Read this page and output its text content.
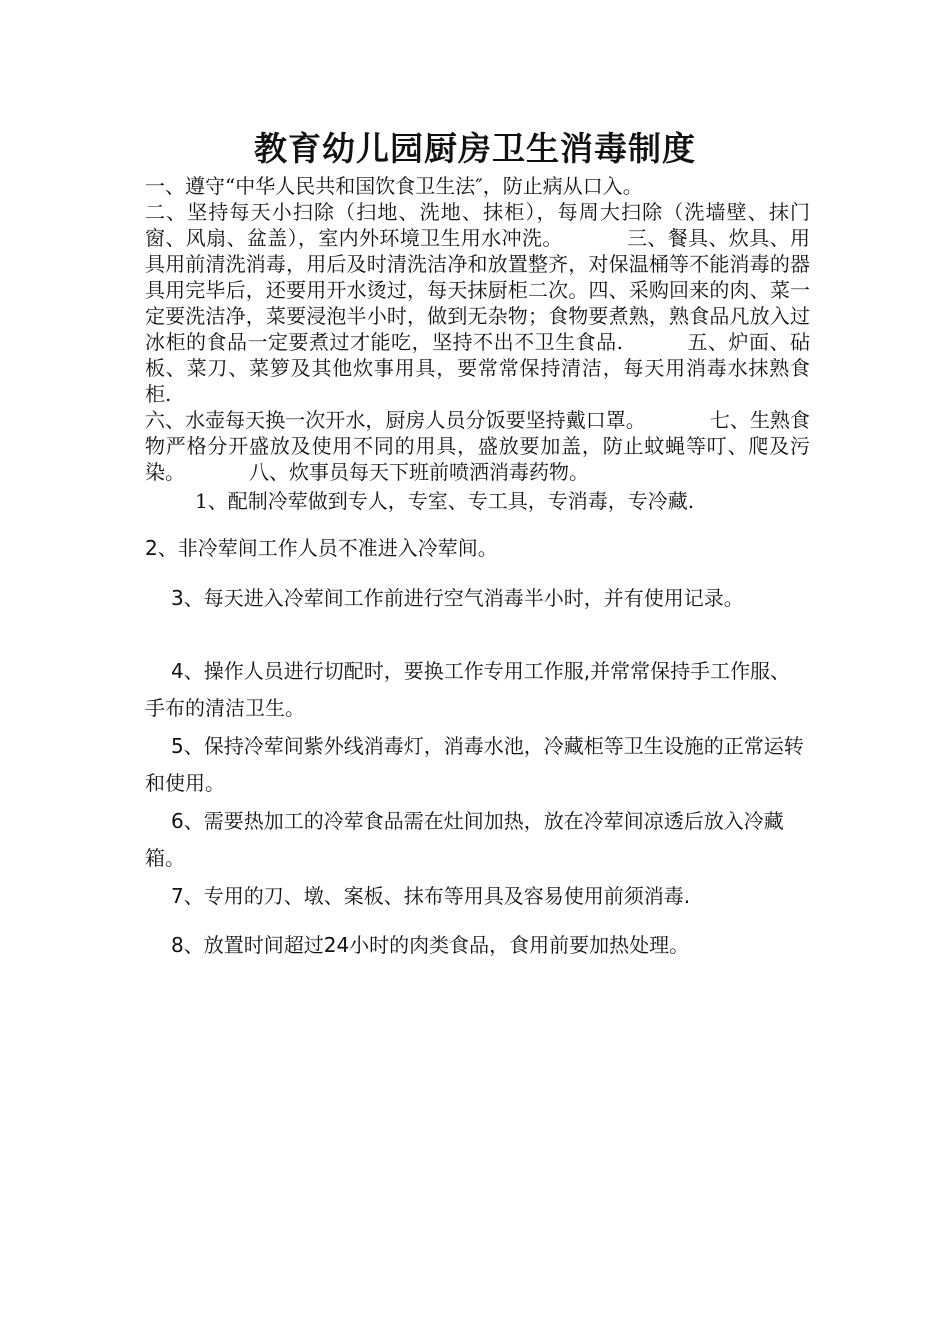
教育幼儿园厨房卫生消毒制度

一、遵守“中华人民共和国饮食卫生法″，防止病从口入。
二、坚持每天小扫除（扫地、洗地、抹柜），每周大扫除（洗墙壁、抹门窗、风扇、盆盖），室内外环境卫生用水冲洗。	三、餐具、炊具、用具用前清洗消毒，用后及时清洗洁净和放置整齐，对保温桶等不能消毒的器具用完毕后，还要用开水烫过，每天抹厨柜二次。四、采购回来的肉、菜一定要洗洁净，菜要浸泡半小时，做到无杂物；食物要煮熟，熟食品凡放入过冰柜的食品一定要煮过才能吃，坚持不出不卫生食品.	五、炉面、砧板、菜刀、菜箩及其他炊事用具，要常常保持清洁，每天用消毒水抹熟食柜.
六、水壶每天换一次开水，厨房人员分饭要坚持戴口罩。	七、生熟食物严格分开盛放及使用不同的用具，盛放要加盖，防止蚊蝇等叮、爬及污染。	八、炊事员每天下班前喷洒消毒药物。

1、配制冷荤做到专人，专室、专工具，专消毒，专冷藏.

2、非冷荤间工作人员不准进入冷荤间。

3、每天进入冷荤间工作前进行空气消毒半小时，并有使用记录。

4、操作人员进行切配时，要换工作专用工作服,并常常保持手工作服、手布的清洁卫生。

5、保持冷荤间紫外线消毒灯，消毒水池，冷藏柜等卫生设施的正常运转和使用。

6、需要热加工的冷荤食品需在灶间加热，放在冷荤间凉透后放入冷藏箱。

7、专用的刀、墩、案板、抹布等用具及容易使用前须消毒.

8、放置时间超过24小时的肉类食品，食用前要加热处理。
